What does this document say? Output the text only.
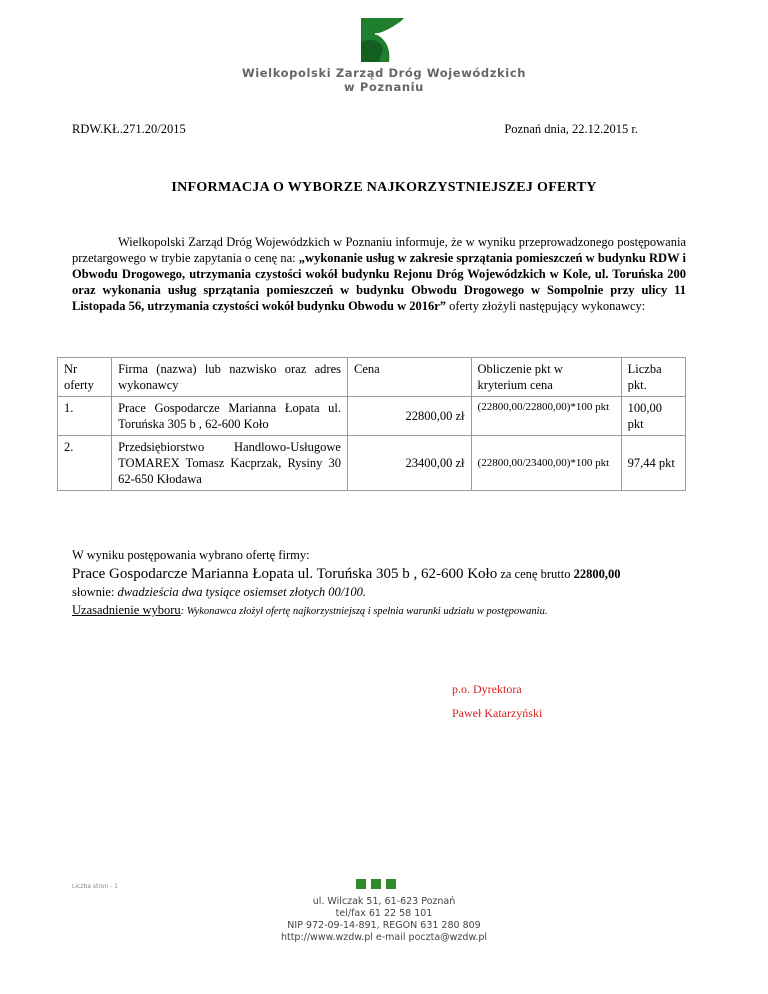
Wielkopolski Zarząd Dróg Wojewódzkich
w Poznaniu
RDW.KŁ.271.20/2015	Poznań dnia, 22.12.2015 r.
INFORMACJA O WYBORZE NAJKORZYSTNIEJSZEJ OFERTY

Wielkopolski Zarząd Dróg Wojewódzkich w Poznaniu informuje, że w wyniku przeprowadzonego postępowania przetargowego w trybie zapytania o cenę na: „wykonanie usług w zakresie sprzątania pomieszczeń w budynku RDW i Obwodu Drogowego, utrzymania czystości wokół budynku Rejonu Dróg Wojewódzkich w Kole, ul. Toruńska 200 oraz wykonania usług sprzątania pomieszczeń w budynku Obwodu Drogowego w Sompolnie przy ulicy 11 Listopada 56, utrzymania czystości wokół budynku Obwodu w 2016r” oferty złożyli następujący wykonawcy:

Nr oferty	Firma (nazwa) lub nazwisko oraz adres wykonawcy	Cena	Obliczenie pkt w kryterium cena	Liczba pkt.
1.	Prace Gospodarcze Marianna Łopata ul. Toruńska 305 b , 62-600 Koło	22800,00 zł	(22800,00/22800,00)*100 pkt	100,00 pkt
2.	Przedsiębiorstwo Handlowo-Usługowe TOMAREX Tomasz Kacprzak, Rysiny 30 62-650 Kłodawa	23400,00 zł	(22800,00/23400,00)*100 pkt	97,44 pkt
W wyniku postępowania wybrano ofertę firmy:
Prace Gospodarcze Marianna Łopata ul. Toruńska 305 b , 62-600 Koło za cenę brutto 22800,00
słownie: dwadzieścia dwa tysiące osiemset złotych 00/100.
Uzasadnienie wyboru: Wykonawca złożył ofertę najkorzystniejszą i spełnia warunki udziału w postępowaniu.
p.o. Dyrektora
Paweł Katarzyński
Liczba stron - 1
ul. Wilczak 51, 61-623 Poznań
tel/fax 61 22 58 101
NIP 972-09-14-891, REGON 631 280 809
http://www.wzdw.pl e-mail poczta@wzdw.pl
